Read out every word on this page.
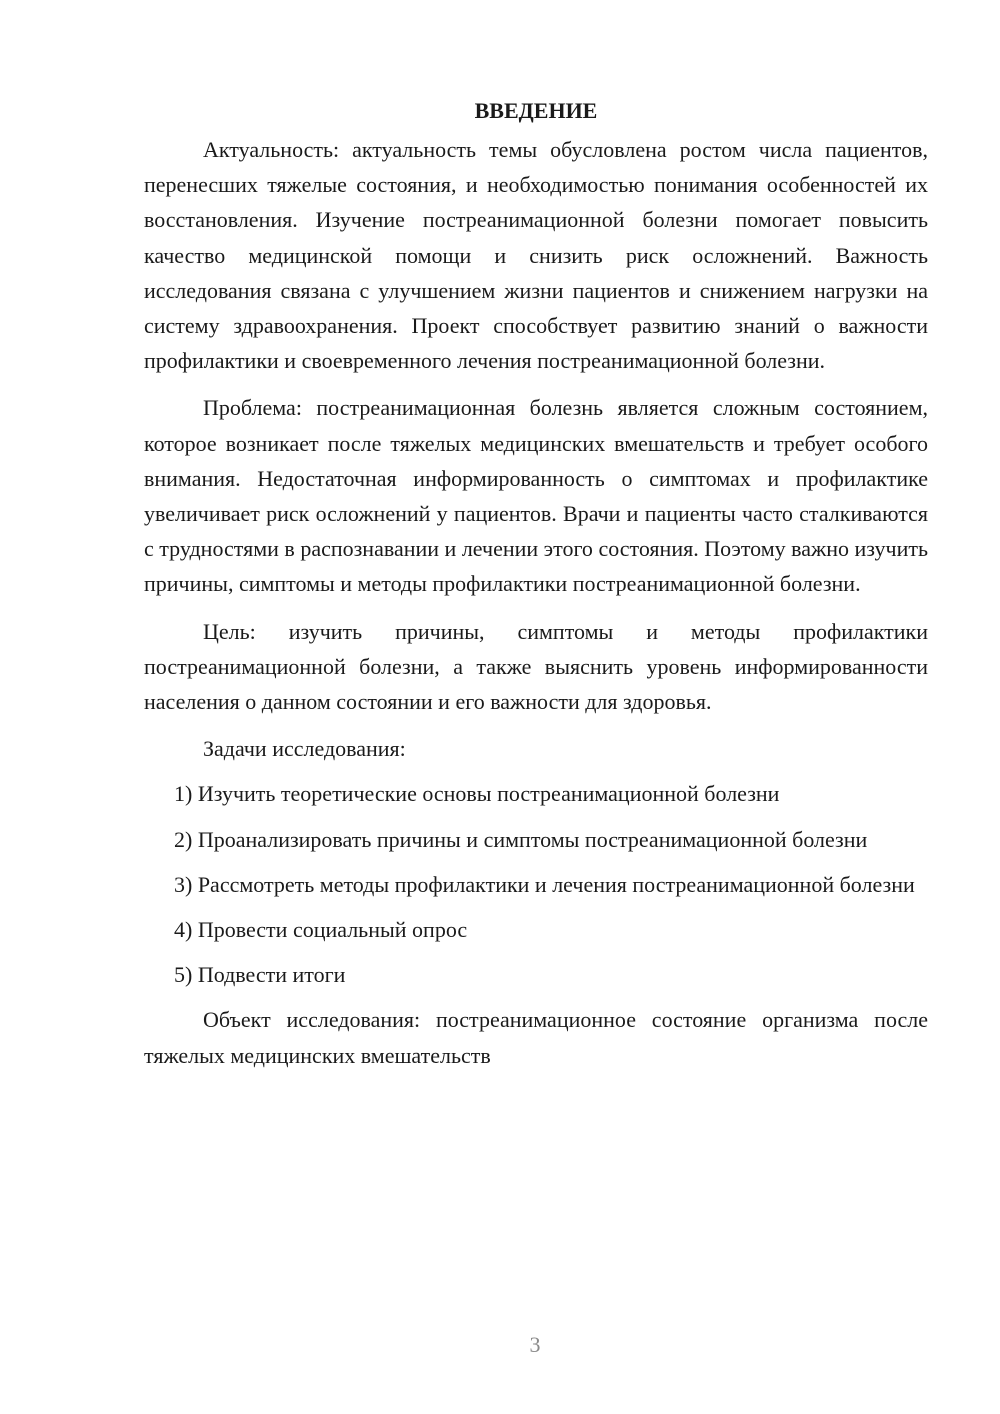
ВВЕДЕНИЕ

Актуальность: актуальность темы обусловлена ростом числа пациентов, перенесших тяжелые состояния, и необходимостью понимания особенностей их восстановления. Изучение постреанимационной болезни помогает повысить качество медицинской помощи и снизить риск осложнений. Важность исследования связана с улучшением жизни пациентов и снижением нагрузки на систему здравоохранения. Проект способствует развитию знаний о важности профилактики и своевременного лечения постреанимационной болезни.

Проблема: постреанимационная болезнь является сложным состоянием, которое возникает после тяжелых медицинских вмешательств и требует особого внимания. Недостаточная информированность о симптомах и профилактике увеличивает риск осложнений у пациентов. Врачи и пациенты часто сталкиваются с трудностями в распознавании и лечении этого состояния. Поэтому важно изучить причины, симптомы и методы профилактики постреанимационной болезни.

Цель: изучить причины, симптомы и методы профилактики постреанимационной болезни, а также выяснить уровень информированности населения о данном состоянии и его важности для здоровья.

Задачи исследования:

1) Изучить теоретические основы постреанимационной болезни

2) Проанализировать причины и симптомы постреанимационной болезни

3) Рассмотреть методы профилактики и лечения постреанимационной болезни

4) Провести социальный опрос

5) Подвести итоги

Объект исследования: постреанимационное состояние организма после тяжелых медицинских вмешательств

3
